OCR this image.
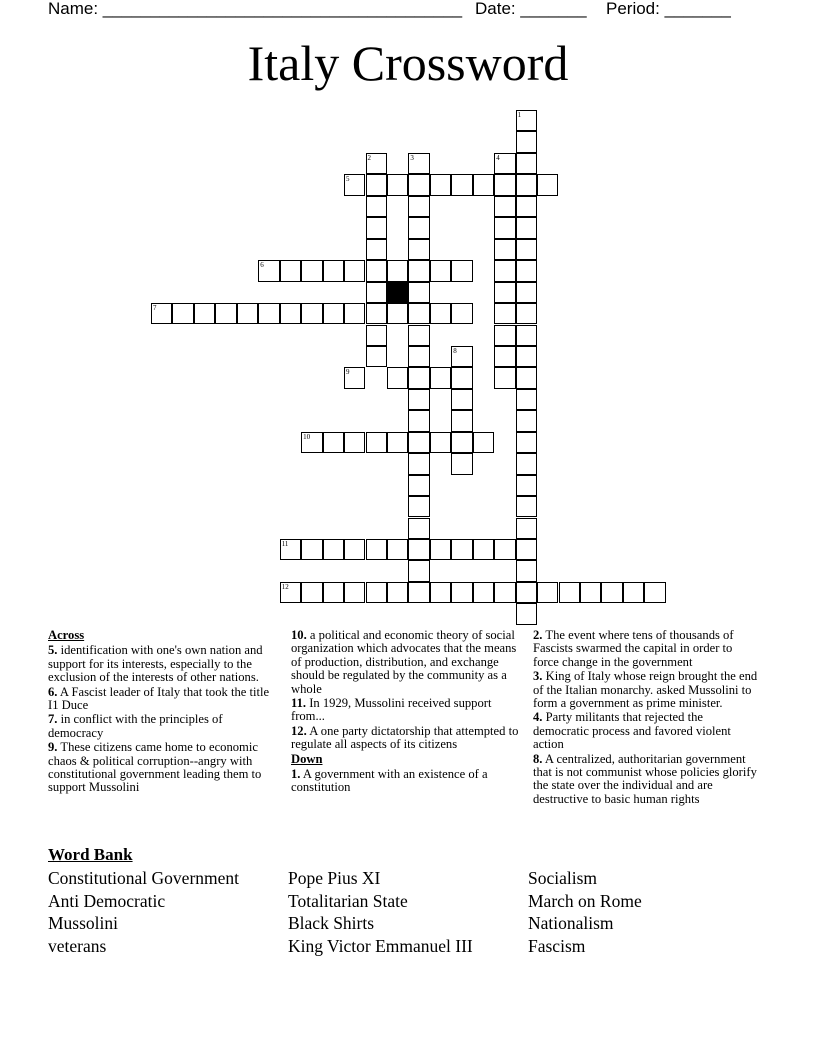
Name: ______________________________________

Date: _______

Period: _______

Italy Crossword
1
2	3	4
8
5
6
7
9
10
11
12
Across
5. identification with one's own nation and support for its interests, especially to the exclusion of the interests of other nations.
6. A Fascist leader of Italy that took the title I1 Duce
7. in conflict with the principles of democracy
9. These citizens came home to economic chaos & political corruption--angry with constitutional government leading them to support Mussolini
10. a political and economic theory of social organization which advocates that the means of production, distribution, and exchange should be regulated by the community as a whole
11. In 1929, Mussolini received support from...
12. A one party dictatorship that attempted to regulate all aspects of its citizens
Down
1. A government with an existence of a constitution
2. The event where tens of thousands of Fascists swarmed the capital in order to force change in the government
3. King of Italy whose reign brought the end of the Italian monarchy. asked Mussolini to form a government as prime minister.
4. Party militants that rejected the democratic process and favored violent action
8. A centralized, authoritarian government that is not communist whose policies glorify the state over the individual and are destructive to basic human rights
Word Bank
Constitutional Government
Anti Democratic
Mussolini
veterans
Pope Pius XI
Totalitarian State
Black Shirts
King Victor Emmanuel III
Socialism
March on Rome
Nationalism
Fascism
